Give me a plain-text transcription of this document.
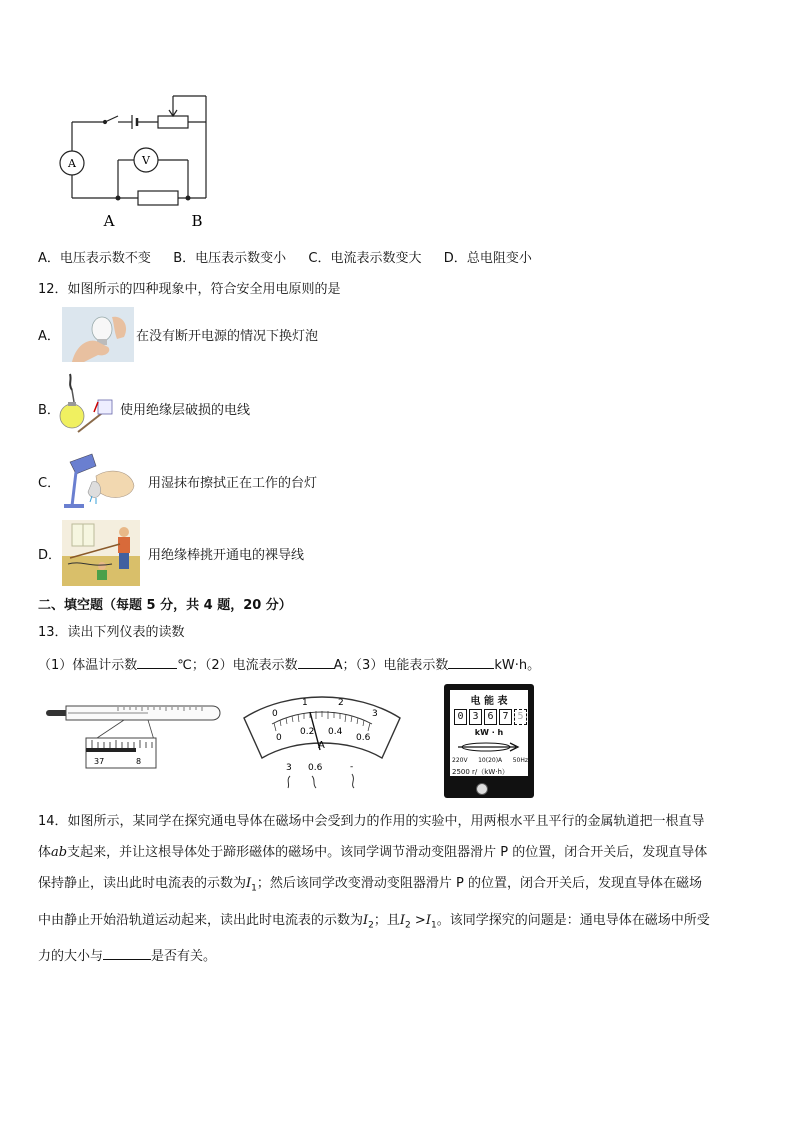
A	V
A	B
A．电压表示数不变 B．电压表示数变小 C．电流表示数变大 D．总电阻变小
12．如图所示的四种现象中，符合安全用电原则的是
A．	在没有断开电源的情况下换灯泡
B．	使用绝缘层破损的电线
C．	用湿抹布擦拭正在工作的台灯
D．	用绝缘棒挑开通电的裸导线
二、填空题（每题 5 分，共 4 题，20 分）
13．读出下列仪表的读数
（1）体温计示数	℃；（2）电流表示数	A；（3）电能表示数	kW·h。
37	8
0
1	2
3
0
0.2 0.4
0.6
A
3 0.6	-
电 能 表
0 3 6 7 5
kW · h
220V 10(20)A 50Hz
2500 r/（kW·h）
14．如图所示，某同学在探究通电导体在磁场中会受到力的作用的实验中，用两根水平且平行的金属轨道把一根直导
体ab支起来，并让这根导体处于蹄形磁体的磁场中。该同学调节滑动变阻器滑片 P 的位置，闭合开关后，发现直导体
保持静止，读出此时电流表的示数为$I_1$；然后该同学改变滑动变阻器滑片 P 的位置，闭合开关后，发现直导体在磁场
中由静止开始沿轨道运动起来，读出此时电流表的示数为$I_2$；且$I_2 >I_1$。该同学探究的问题是：通电导体在磁场中所受
力的大小与	是否有关。
